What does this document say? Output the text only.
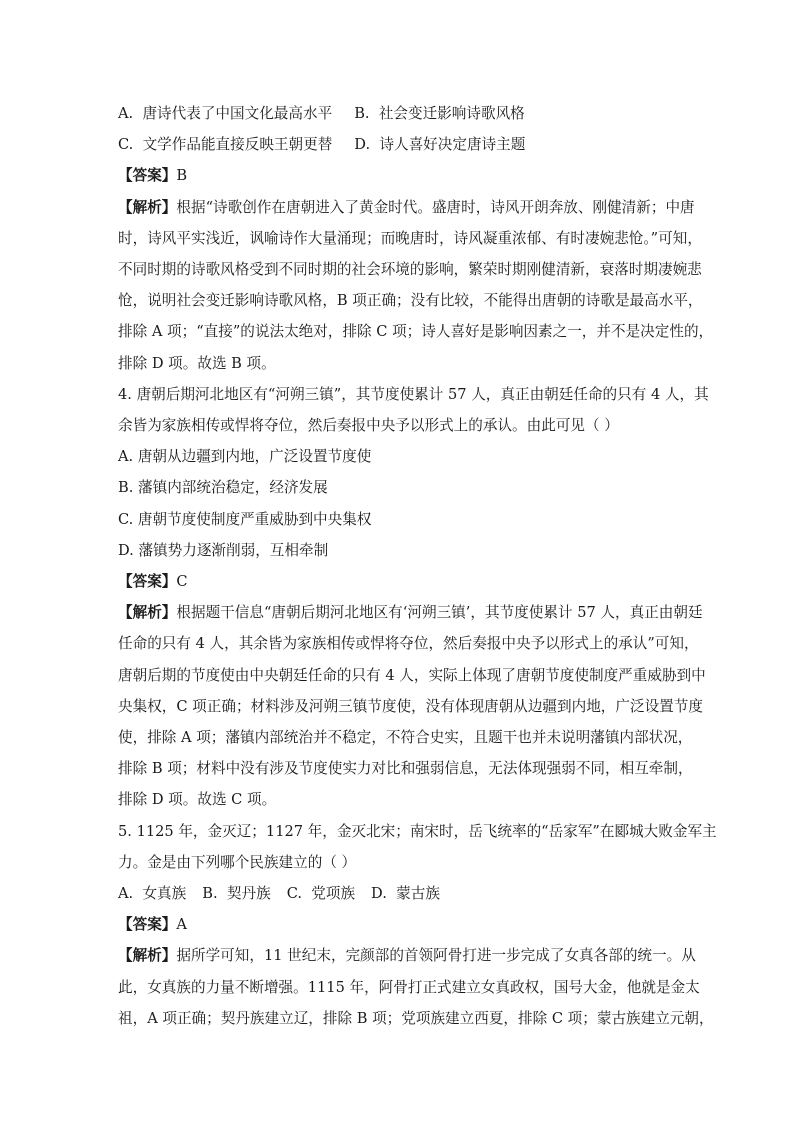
A.  唐诗代表了中国文化最高水平 B.  社会变迁影响诗歌风格
C.  文学作品能直接反映王朝更替 D.  诗人喜好决定唐诗主题
【答案】B
【解析】根据“诗歌创作在唐朝进入了黄金时代。盛唐时，诗风开朗奔放、刚健清新；中唐
时，诗风平实浅近，讽喻诗作大量涌现；而晚唐时，诗风凝重浓郁、有时凄婉悲怆。”可知，
不同时期的诗歌风格受到不同时期的社会环境的影响，繁荣时期刚健清新，衰落时期凄婉悲
怆，说明社会变迁影响诗歌风格，B 项正确；没有比较，不能得出唐朝的诗歌是最高水平，
排除 A 项；“直接”的说法太绝对，排除 C 项；诗人喜好是影响因素之一，并不是决定性的，
排除 D 项。故选 B 项。
4. 唐朝后期河北地区有“河朔三镇”，其节度使累计 57 人，真正由朝廷任命的只有 4 人，其
余皆为家族相传或悍将夺位，然后奏报中央予以形式上的承认。由此可见（ ）
A. 唐朝从边疆到内地，广泛设置节度使
B. 藩镇内部统治稳定，经济发展
C. 唐朝节度使制度严重威胁到中央集权
D. 藩镇势力逐渐削弱，互相牵制
【答案】C
【解析】根据题干信息“唐朝后期河北地区有‘河朔三镇’，其节度使累计 57 人，真正由朝廷
任命的只有 4 人，其余皆为家族相传或悍将夺位，然后奏报中央予以形式上的承认”可知，
唐朝后期的节度使由中央朝廷任命的只有 4 人，实际上体现了唐朝节度使制度严重威胁到中
央集权，C 项正确；材料涉及河朔三镇节度使，没有体现唐朝从边疆到内地，广泛设置节度
使，排除 A 项；藩镇内部统治并不稳定，不符合史实，且题干也并未说明藩镇内部状况，
排除 B 项；材料中没有涉及节度使实力对比和强弱信息，无法体现强弱不同，相互牵制，
排除 D 项。故选 C 项。
5. 1125 年，金灭辽；1127 年，金灭北宋；南宋时，岳飞统率的“岳家军”在郾城大败金军主
力。金是由下列哪个民族建立的（ ）
A.  女真族 B.  契丹族 C.  党项族 D.  蒙古族
【答案】A
【解析】据所学可知，11 世纪末，完颜部的首领阿骨打进一步完成了女真各部的统一。从
此，女真族的力量不断增强。1115 年，阿骨打正式建立女真政权，国号大金，他就是金太
祖，A 项正确；契丹族建立辽，排除 B 项；党项族建立西夏，排除 C 项；蒙古族建立元朝，
